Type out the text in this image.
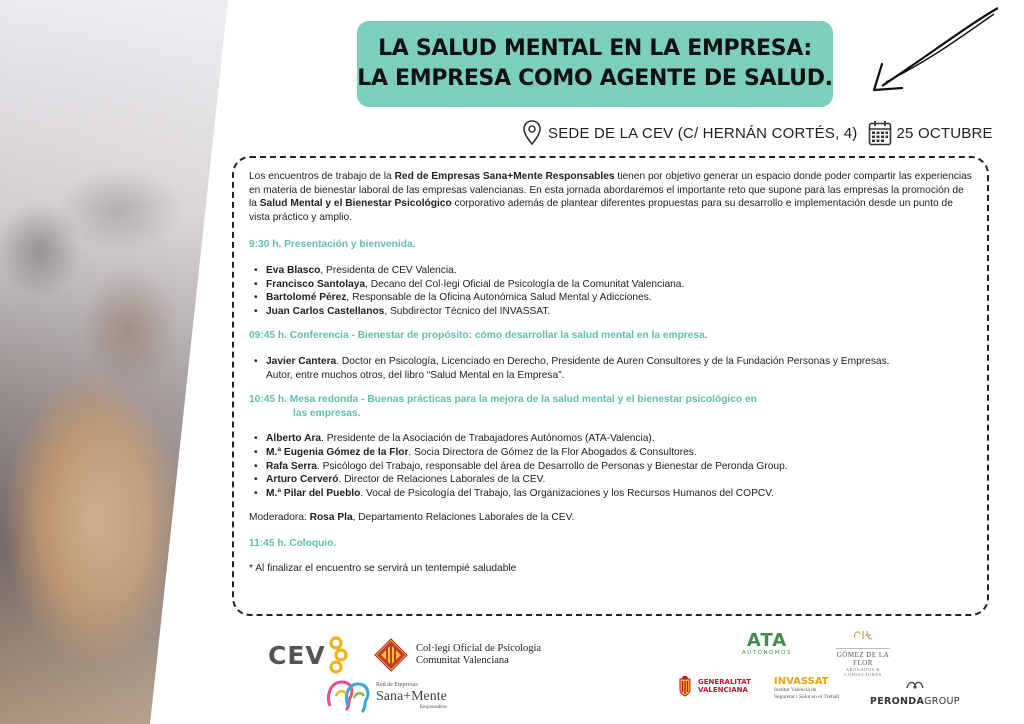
LA SALUD MENTAL EN LA EMPRESA:
LA EMPRESA COMO AGENTE DE SALUD.
SEDE DE LA CEV (C/ HERNÁN CORTÉS, 4)	25 OCTUBRE

Los encuentros de trabajo de la Red de Empresas Sana+Mente Responsables tienen por objetivo generar un espacio donde poder compartir las experiencias en materia de bienestar laboral de las empresas valencianas. En esta jornada abordaremos el importante reto que supone para las empresas la promoción de la Salud Mental y el Bienestar Psicológico corporativo además de plantear diferentes propuestas para su desarrollo e implementación desde un punto de vista práctico y amplio.

9:30 h. Presentación y bienvenida.
• Eva Blasco, Presidenta de CEV Valencia.
• Francisco Santolaya, Decano del Col·legi Oficial de Psicología de la Comunitat Valenciana.
• Bartolomé Pérez, Responsable de la Oficina Autonómica Salud Mental y Adicciones.
• Juan Carlos Castellanos, Subdirector Técnico del INVASSAT.
09:45 h. Conferencia - Bienestar de propósito: cómo desarrollar la salud mental en la empresa.
• Javier Cantera. Doctor en Psicología, Licenciado en Derecho, Presidente de Auren Consultores y de la Fundación Personas y Empresas.
Autor, entre muchos otros, del libro “Salud Mental en la Empresa”.
10:45 h. Mesa redonda - Buenas prácticas para la mejora de la salud mental y el bienestar psicológico en
las empresas.
• Alberto Ara. Presidente de la Asociación de Trabajadores Autónomos (ATA-Valencia).
• M.ª Eugenia Gómez de la Flor. Socia Directora de Gómez de la Flor Abogados & Consultores.
• Rafa Serra. Psicólogo del Trabajo, responsable del área de Desarrollo de Personas y Bienestar de Peronda Group.
• Arturo Cerveró. Director de Relaciones Laborales de la CEV.
• M.ª Pilar del Pueblo. Vocal de Psicología del Trabajo, las Organizaciones y los Recursos Humanos del COPCV.

Moderadora: Rosa Pla, Departamento Relaciones Laborales de la CEV.

11:45 h. Coloquio.

* Al finalizar el encuentro se servirá un tentempié saludable

CEV	Col·legi Oficial de Psicologia
Comunitat Valenciana
Red de Empresas
Sana+Mente
Responsables
ATA
AUTÓNOMOS	GÓMEZ DE LA FLOR
ABOGADOS & CONSULTORES
GENERALITAT
VALENCIANA
INVASSAT
Institut Valencià de
Seguretat i Salut en el Treball	PERONDAGROUP
